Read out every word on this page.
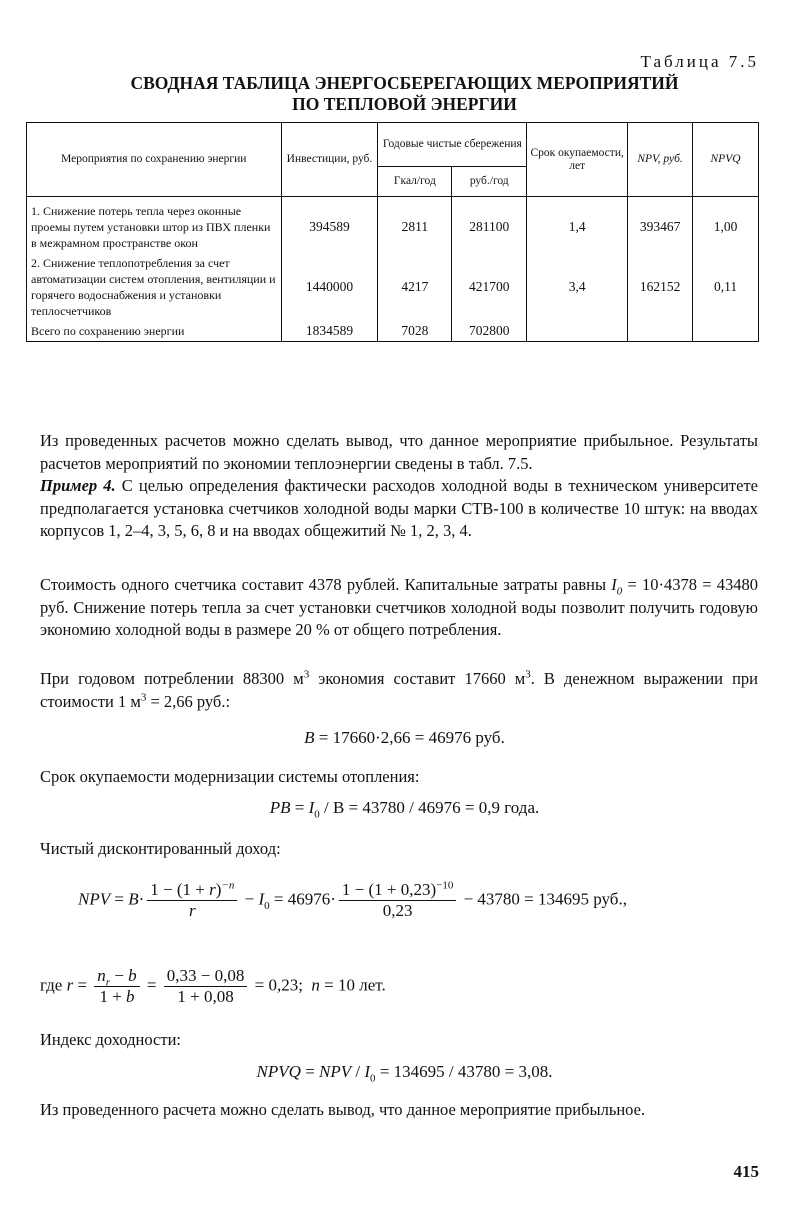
Таблица 7.5
СВОДНАЯ ТАБЛИЦА ЭНЕРГОСБЕРЕГАЮЩИХ МЕРОПРИЯТИЙ
ПО ТЕПЛОВОЙ ЭНЕРГИИ
Мероприятия по сохранению энергии	Инвестиции, руб.	Годовые чистые сбережения		Срок окупаемости, лет	NPV, руб.	NPVQ
		Гкал/год	руб./год			
1. Снижение потерь тепла через оконные проемы путем установки штор из ПВХ пленки в межрамном пространстве окон	394589	2811	281100	1,4	393467	1,00
2. Снижение теплопотребления за счет автоматизации систем отопления, вентиляции и горячего водоснабжения и установки теплосчетчиков	1440000	4217	421700	3,4	162152	0,11
Всего по сохранению энергии	1834589	7028	702800			
Из проведенных расчетов можно сделать вывод, что данное мероприятие прибыльное. Результаты расчетов мероприятий по экономии теплоэнергии сведены в табл. 7.5.
Пример 4. С целью определения фактически расходов холодной воды в техническом университете предполагается установка счетчиков холодной воды марки СТВ-100 в количестве 10 штук: на вводах корпусов 1, 2–4, 3, 5, 6, 8 и на вводах общежитий № 1, 2, 3, 4.
Стоимость одного счетчика составит 4378 рублей. Капитальные затраты равны $I_0 = 10\cdot 4378 = 43480$ руб. Снижение потерь тепла за счет установки счетчиков холодной воды позволит получить годовую экономию холодной воды в размере 20 % от общего потребления.
При годовом потреблении 88300 $м^3$ экономия составит 17660 $м^3$. В денежном выражении при стоимости 1 $м^3 = 2,66$ руб.:
B = 17660·2,66 = 46976 руб.
Срок окупаемости модернизации системы отопления:
PB = $I_0 / В = 43780 / 46976 = 0,9$ года.
Чистый дисконтированный доход:
NPV = $B\cdot \frac{1 - (1 + r)^{-n}}{r} - I_0 = 46976\cdot \frac{1 - (1 + 0,23)^{-10}}{0,23} - 43780 = 134695$ руб.,
где $r = \frac{n_r - b}{1 + b} = \frac{0,33 - 0,08}{1 + 0,08} = 0,23$; n = 10 лет.
Индекс доходности:
NPVQ = NPV / $I_0 = 134695 / 43780 = 3,08$.
Из проведенного расчета можно сделать вывод, что данное мероприятие прибыльное.
415
